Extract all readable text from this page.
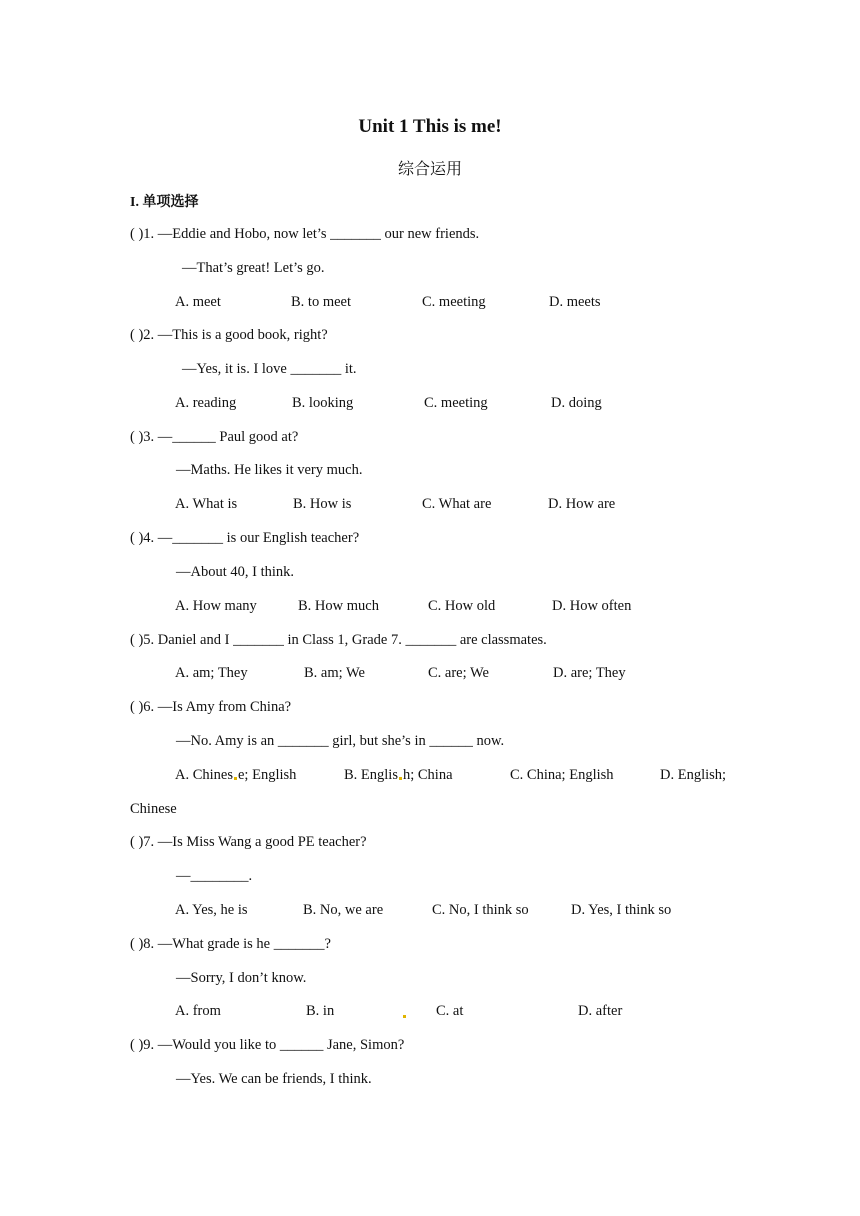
Unit 1 This is me!
综合运用
I. 单项选择
( )1. —Eddie and Hobo, now let’s _______ our new friends.
—That’s great! Let’s go.
A. meet	B. to meet	C. meeting	D. meets
( )2. —This is a good book, right?
—Yes, it is. I love _______ it.
A. reading	B. looking	C. meeting	D. doing
( )3. —______ Paul good at?
—Maths. He likes it very much.
A. What is	B. How is	C. What are	D. How are
( )4. —_______ is our English teacher?
—About 40, I think.
A. How many	B. How much	C. How old	D. How often
( )5. Daniel and I _______ in Class 1, Grade 7. _______ are classmates.
A. am; They	B. am; We	C. are; We	D. are; They
( )6. —Is Amy from China?
—No. Amy is an _______ girl, but she’s in ______ now.
A. Chines e; English	B. Englis h; China	C. China; English	D. English;
Chinese
( )7. —Is Miss Wang a good PE teacher?
—________.
A. Yes, he is	B. No, we are	C. No, I think so	D. Yes, I think so
( )8. —What grade is he _______?
—Sorry, I don’t know.
A. from	B. in	C. at	D. after
( )9. —Would you like to ______ Jane, Simon?
—Yes. We can be friends, I think.
